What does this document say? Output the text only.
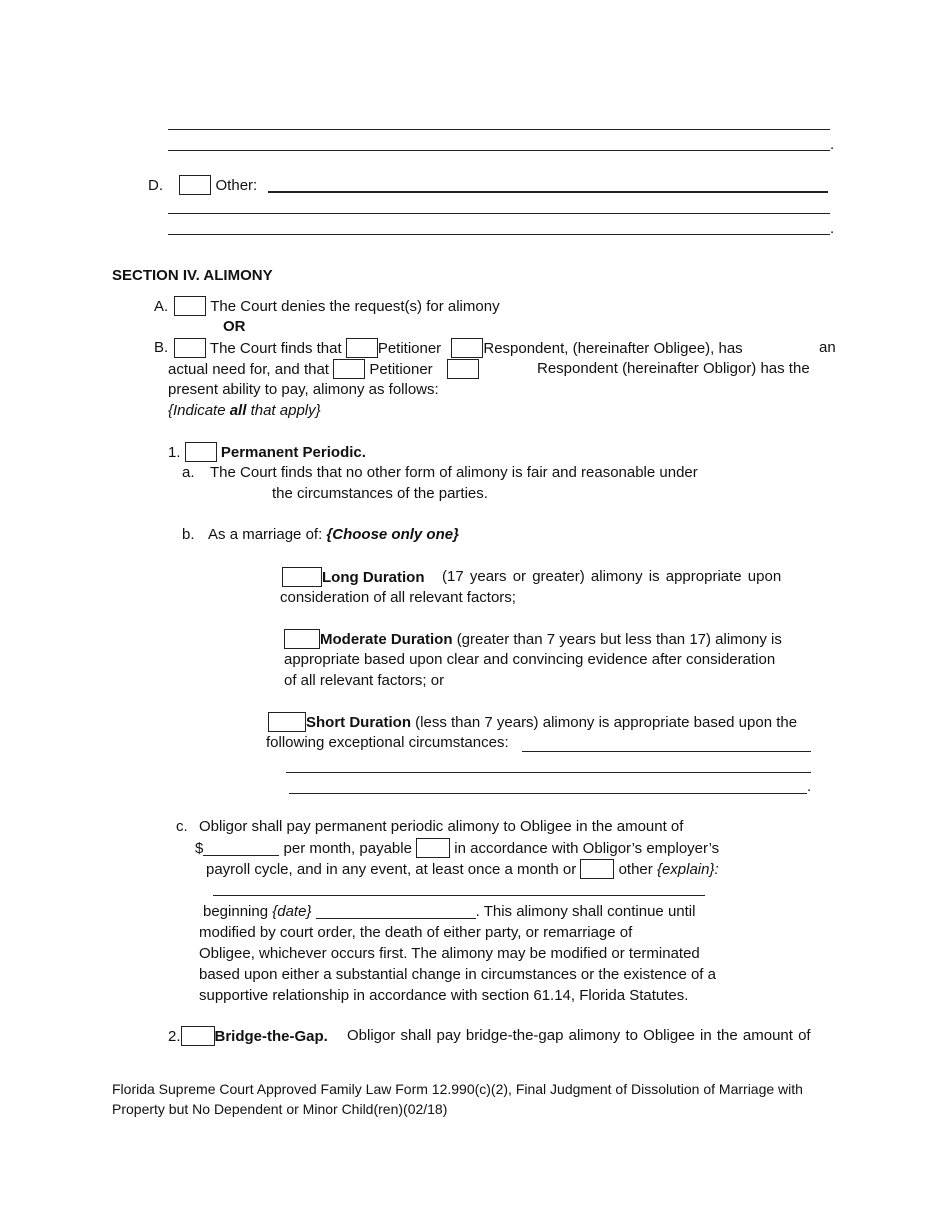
.
D.	Other:
.
SECTION IV. ALIMONY
A.	The Court denies the request(s) for alimony
OR
B.	The Court finds that Petitioner	Respondent, (hereinafter Obligee), has	an
actual need for, and that	Petitioner	Respondent (hereinafter Obligor) has the
present ability to pay, alimony as follows:
{Indicate all that apply}
1.	Permanent Periodic.
a. The Court finds that no other form of alimony is fair and reasonable under
the circumstances of the parties.
b. As a marriage of: {Choose only one}
Long Duration	(17 years or greater) alimony is appropriate upon
consideration of all relevant factors;
Moderate Duration (greater than 7 years but less than 17) alimony is
appropriate based upon clear and convincing evidence after consideration
of all relevant factors; or
Short Duration (less than 7 years) alimony is appropriate based upon the
following exceptional circumstances:
.
c. Obligor shall pay permanent periodic alimony to Obligee in the amount of
$	per month, payable	in accordance with Obligor’s employer’s
payroll cycle, and in any event, at least once a month or	other {explain}:
beginning {date}	. This alimony shall continue until
modified by court order, the death of either party, or remarriage of
Obligee, whichever occurs first. The alimony may be modified or terminated
based upon either a substantial change in circumstances or the existence of a
supportive relationship in accordance with section 61.14, Florida Statutes.
2. Bridge-the-Gap. Obligor shall pay bridge-the-gap alimony to Obligee in the amount of
Florida Supreme Court Approved Family Law Form 12.990(c)(2), Final Judgment of Dissolution of Marriage with
Property but No Dependent or Minor Child(ren)(02/18)
